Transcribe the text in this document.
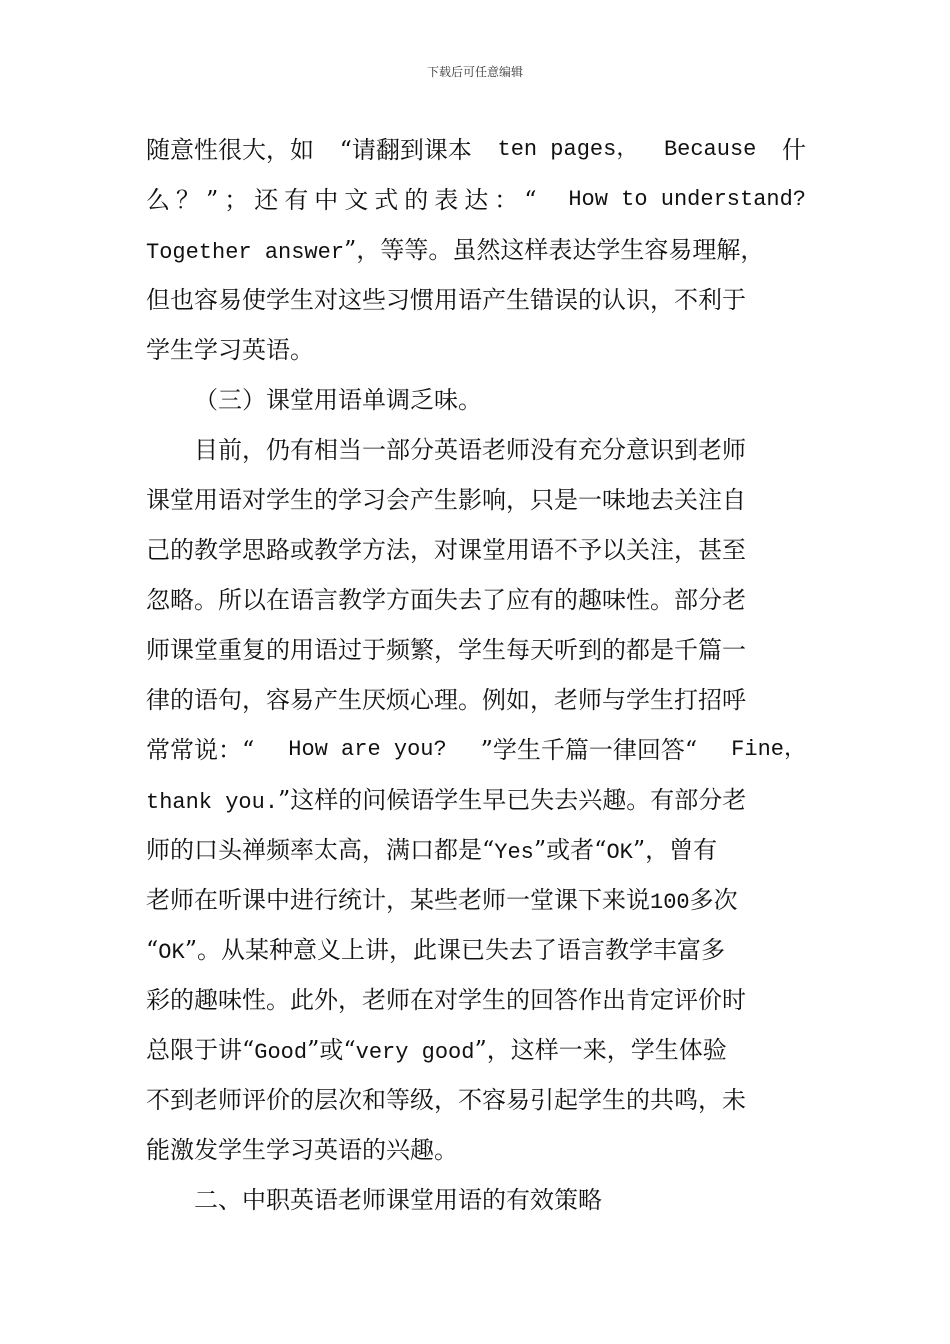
下载后可任意编辑
随意性很大，如 “请翻到课本 ten pages， Because 什
么？”；还有中文式的表达：“ How to understand?
Together answer”，等等。虽然这样表达学生容易理解，
但也容易使学生对这些习惯用语产生错误的认识，不利于
学生学习英语。
（三）课堂用语单调乏味。
目前，仍有相当一部分英语老师没有充分意识到老师
课堂用语对学生的学习会产生影响，只是一味地去关注自
己的教学思路或教学方法，对课堂用语不予以关注，甚至
忽略。所以在语言教学方面失去了应有的趣味性。部分老
师课堂重复的用语过于频繁，学生每天听到的都是千篇一
律的语句，容易产生厌烦心理。例如，老师与学生打招呼
常常说：“ How are you? ”学生千篇一律回答“ Fine，
thank you.”这样的问候语学生早已失去兴趣。有部分老
师的口头禅频率太高，满口都是“Yes”或者“OK”，曾有
老师在听课中进行统计，某些老师一堂课下来说100多次
“OK”。从某种意义上讲，此课已失去了语言教学丰富多
彩的趣味性。此外，老师在对学生的回答作出肯定评价时
总限于讲“Good”或“very good”，这样一来，学生体验
不到老师评价的层次和等级，不容易引起学生的共鸣，未
能激发学生学习英语的兴趣。
二、中职英语老师课堂用语的有效策略
